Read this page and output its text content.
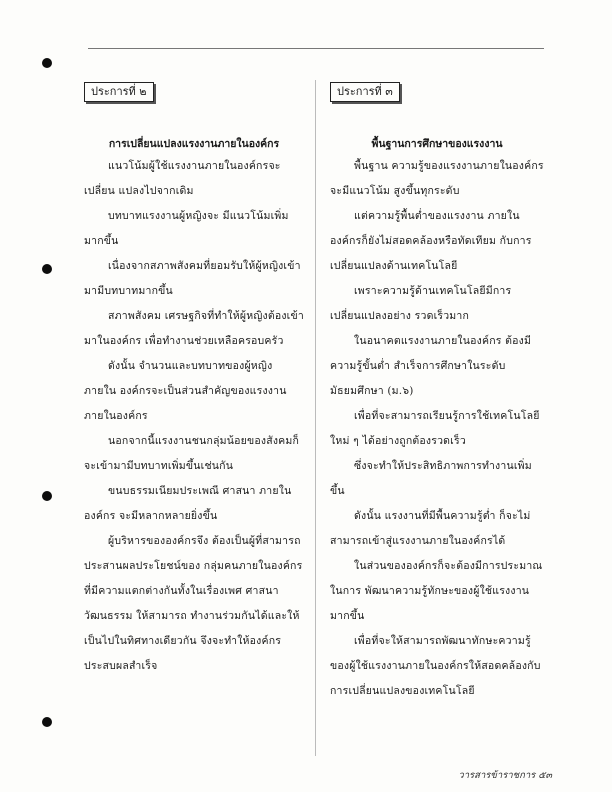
ประการที่ ๒
การเปลี่ยนแปลงแรงงานภายในองค์กร

แนวโน้มผู้ใช้แรงงานภายในองค์กรจะเปลี่ยน แปลงไปจากเดิม

บทบาทแรงงานผู้หญิงจะ มีแนวโน้มเพิ่มมากขึ้น

เนื่องจากสภาพสังคมที่ยอมรับให้ผู้หญิงเข้ามามีบทบาทมากขึ้น

สภาพสังคม เศรษฐกิจที่ทำให้ผู้หญิงต้องเข้ามาในองค์กร เพื่อทำงานช่วยเหลือครอบครัว

ดังนั้น จำนวนและบทบาทของผู้หญิงภายใน องค์กรจะเป็นส่วนสำคัญของแรงงานภายในองค์กร

นอกจากนี้แรงงานชนกลุ่มน้อยของสังคมก็จะเข้ามามีบทบาทเพิ่มขึ้นเช่นกัน

ขนบธรรมเนียมประเพณี ศาสนา ภายในองค์กร จะมีหลากหลายยิ่งขึ้น

ผู้บริหารขององค์กรจึง ต้องเป็นผู้ที่สามารถประสานผลประโยชน์ของ กลุ่มคนภายในองค์กรที่มีความแตกต่างกันทั้งในเรื่องเพศ ศาสนา วัฒนธรรม ให้สามารถ ทำงานร่วมกันได้และให้เป็นไปในทิศทางเดียวกัน จึงจะทำให้องค์กรประสบผลสำเร็จ

ประการที่ ๓
พื้นฐานการศึกษาของแรงงาน

พื้นฐาน ความรู้ของแรงงานภายในองค์กรจะมีแนวโน้ม สูงขึ้นทุกระดับ

แต่ความรู้พื้นต่ำของแรงงาน ภายในองค์กรก็ยังไม่สอดคล้องหรือทัดเทียม กับการเปลี่ยนแปลงด้านเทคโนโลยี

เพราะความรู้ด้านเทคโนโลยีมีการเปลี่ยนแปลงอย่าง รวดเร็วมาก

ในอนาคตแรงงานภายในองค์กร ต้องมีความรู้ขั้นต่ำ สำเร็จการศึกษาในระดับ มัธยมศึกษา (ม.๖)

เพื่อที่จะสามารถเรียนรู้การใช้เทคโนโลยีใหม่ ๆ ได้อย่างถูกต้องรวดเร็ว

ซึ่งจะทำให้ประสิทธิภาพการทำงานเพิ่มขึ้น

ดังนั้น แรงงานที่มีพื้นความรู้ต่ำ ก็จะไม่สามารถเข้าสู่แรงงานภายในองค์กรได้

ในส่วนขององค์กรก็จะต้องมีการประมาณ ในการ พัฒนาความรู้ทักษะของผู้ใช้แรงงานมากขึ้น

เพื่อที่จะให้สามารถพัฒนาทักษะความรู้ของผู้ใช้แรงงานภายในองค์กรให้สอดคล้องกับการเปลี่ยนแปลงของเทคโนโลยี

วารสารข้าราชการ ๕๓
